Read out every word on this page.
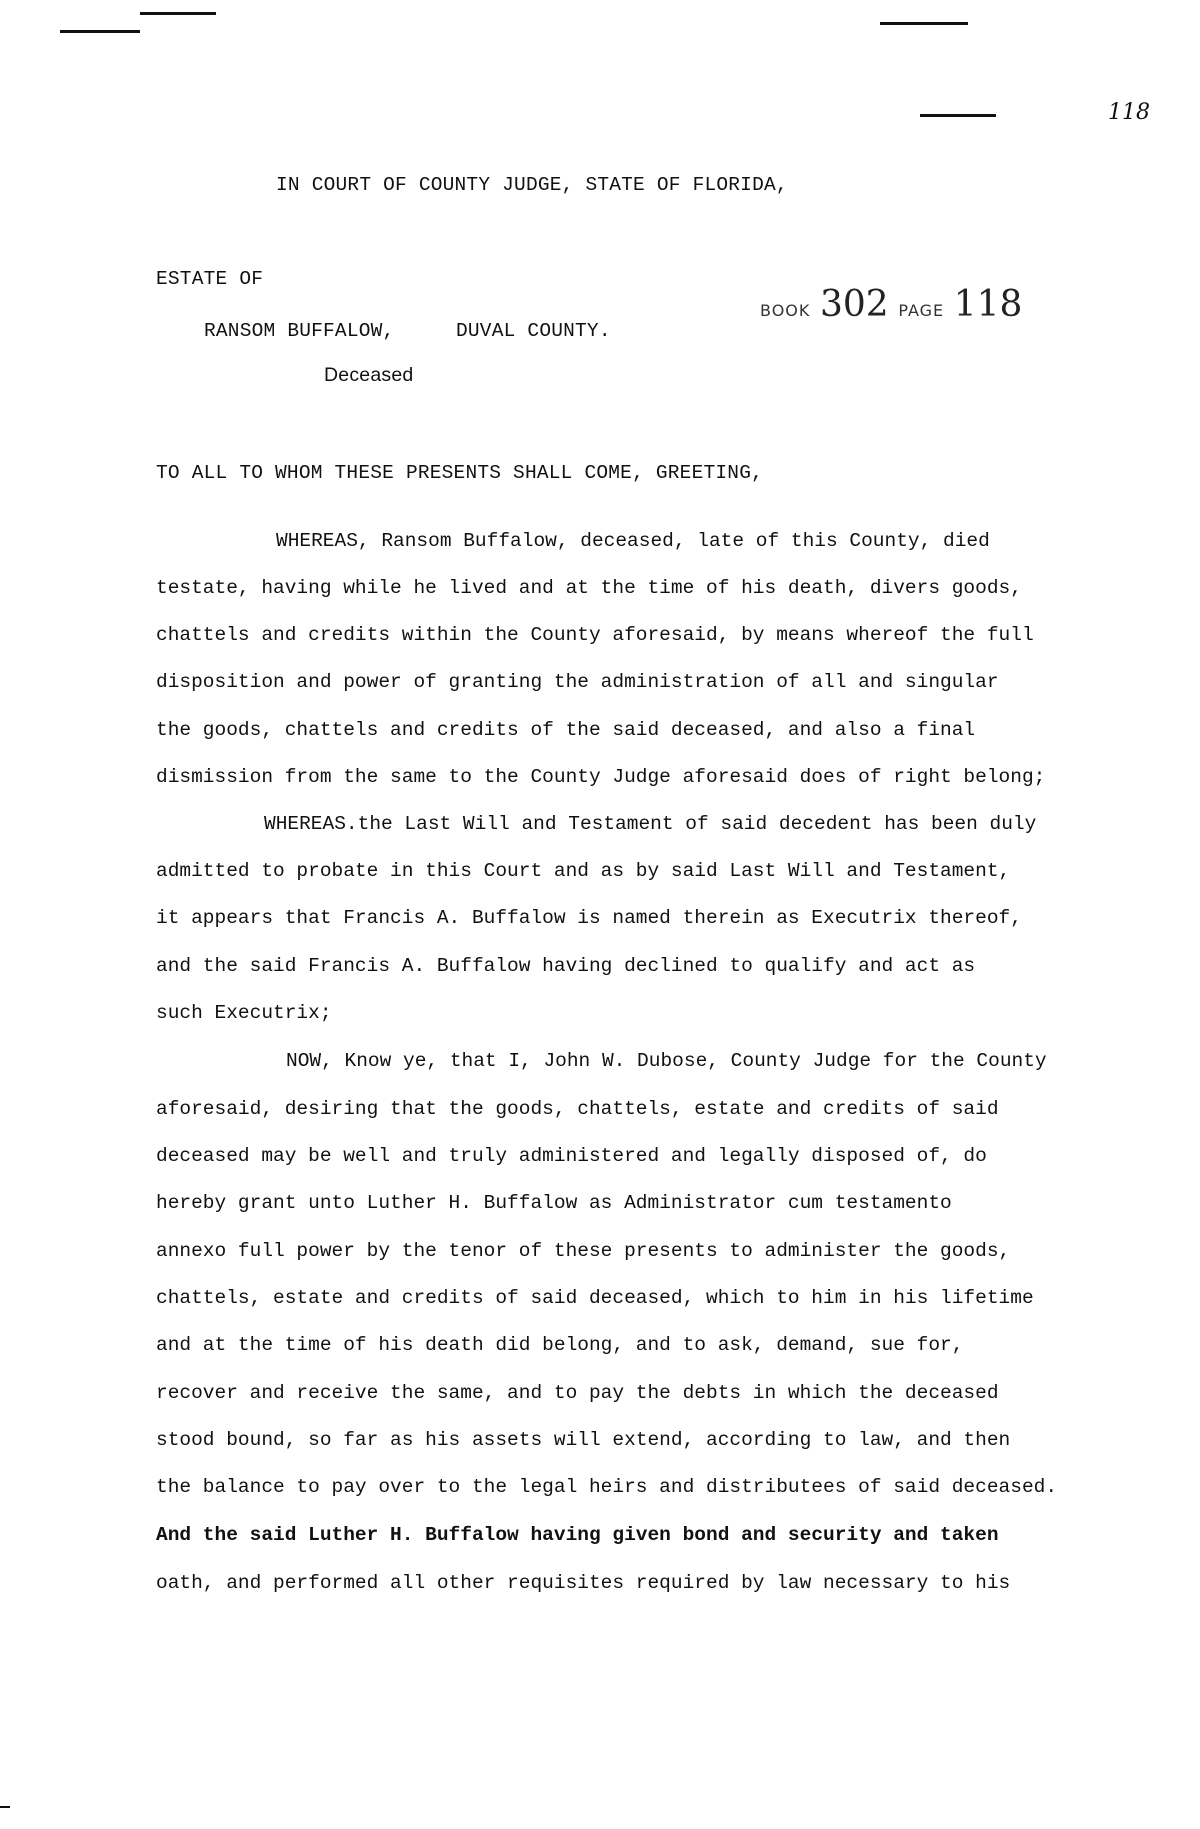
118
IN COURT OF COUNTY JUDGE, STATE OF FLORIDA,
ESTATE OF
RANSOM BUFFALOW,	DUVAL COUNTY.
BOOK 302 PAGE 118
Deceased
TO ALL TO WHOM THESE PRESENTS SHALL COME, GREETING,
WHEREAS, Ransom Buffalow, deceased, late of this County, died
testate, having while he lived and at the time of his death, divers goods,
chattels and credits within the County aforesaid, by means whereof the full
disposition and power of granting the administration of all and singular
the goods, chattels and credits of the said deceased, and also a final
dismission from the same to the County Judge aforesaid does of right belong;
WHEREAS.the Last Will and Testament of said decedent has been duly
admitted to probate in this Court and as by said Last Will and Testament,
it appears that Francis A. Buffalow is named therein as Executrix thereof,
and the said Francis A. Buffalow having declined to qualify and act as
such Executrix;
NOW, Know ye, that I, John W. Dubose, County Judge for the County
aforesaid, desiring that the goods, chattels, estate and credits of said
deceased may be well and truly administered and legally disposed of, do
hereby grant unto Luther H. Buffalow as Administrator cum testamento
annexo full power by the tenor of these presents to administer the goods,
chattels, estate and credits of said deceased, which to him in his lifetime
and at the time of his death did belong, and to ask, demand, sue for,
recover and receive the same, and to pay the debts in which the deceased
stood bound, so far as his assets will extend, according to law, and then
the balance to pay over to the legal heirs and distributees of said deceased.
And the said Luther H. Buffalow having given bond and security and taken
oath, and performed all other requisites required by law necessary to his
